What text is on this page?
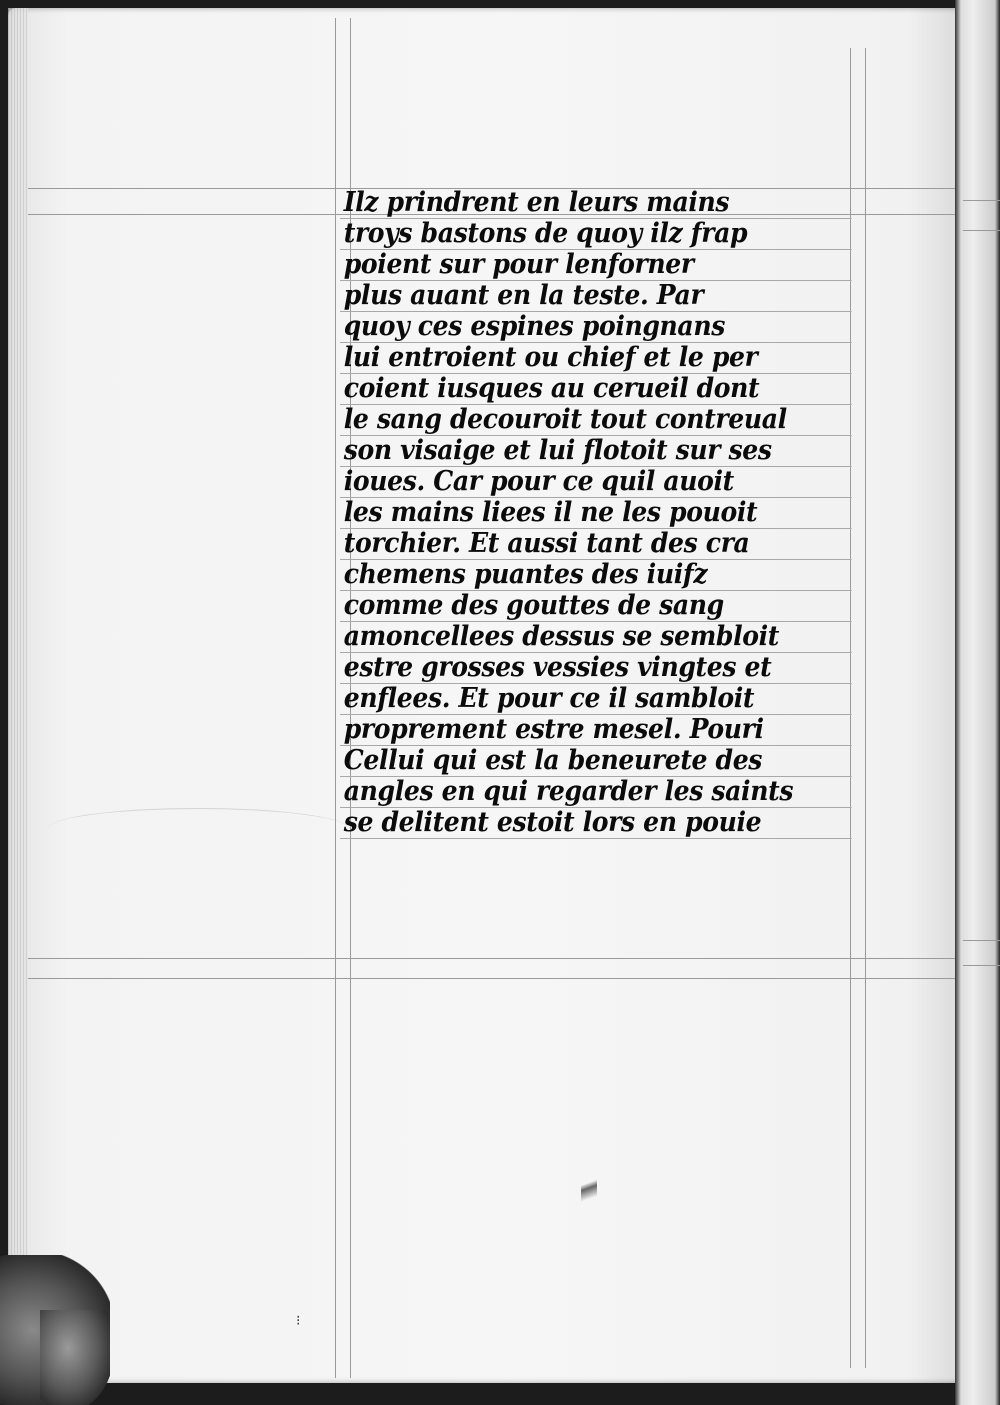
⁝
Ilz prindrent en leurs mains
troys bastons de quoy ilz frap
poient sur pour lenforner
plus auant en la teste. Par
quoy ces espines poingnans
lui entroient ou chief et le per
coient iusques au cerueil dont
le sang decouroit tout contreual
son visaige et lui flotoit sur ses
ioues. Car pour ce quil auoit
les mains liees il ne les pouoit
torchier. Et aussi tant des cra
chemens puantes des iuifz
comme des gouttes de sang
amoncellees dessus se sembloit
estre grosses vessies vingtes et
enflees. Et pour ce il sambloit
proprement estre mesel. Pouri
Cellui qui est la beneurete des
angles en qui regarder les saints
se delitent estoit lors en pouie
